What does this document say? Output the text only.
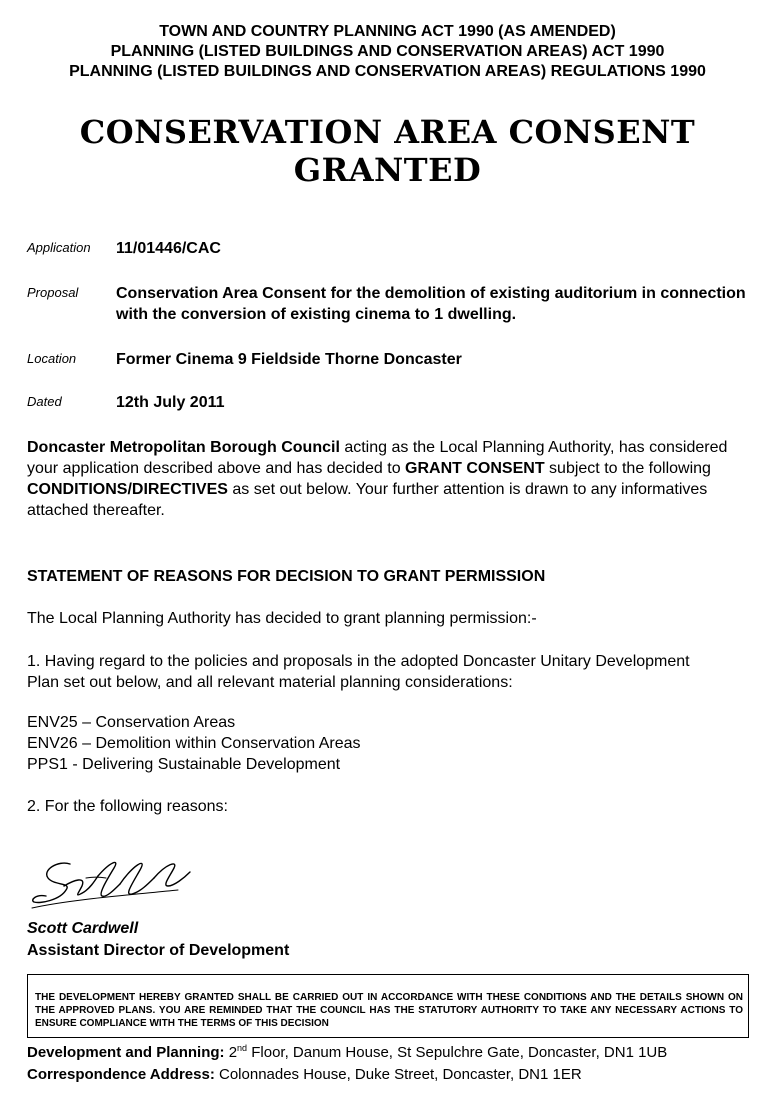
TOWN AND COUNTRY PLANNING ACT 1990 (AS AMENDED)
PLANNING (LISTED BUILDINGS AND CONSERVATION AREAS) ACT 1990
PLANNING (LISTED BUILDINGS AND CONSERVATION AREAS) REGULATIONS 1990
CONSERVATION AREA CONSENT
GRANTED
Application 11/01446/CAC
Proposal Conservation Area Consent for the demolition of existing auditorium in connection with the conversion of existing cinema to 1 dwelling.
Location Former Cinema 9 Fieldside Thorne Doncaster
Dated	12th July 2011
Doncaster Metropolitan Borough Council acting as the Local Planning Authority, has considered your application described above and has decided to GRANT CONSENT subject to the following CONDITIONS/DIRECTIVES as set out below. Your further attention is drawn to any informatives attached thereafter.
STATEMENT OF REASONS FOR DECISION TO GRANT PERMISSION
The Local Planning Authority has decided to grant planning permission:-
1. Having regard to the policies and proposals in the adopted Doncaster Unitary Development Plan set out below, and all relevant material planning considerations:
ENV25 – Conservation Areas
ENV26 – Demolition within Conservation Areas
PPS1 - Delivering Sustainable Development
2. For the following reasons:
Scott Cardwell
Assistant Director of Development
THE DEVELOPMENT HEREBY GRANTED SHALL BE CARRIED OUT IN ACCORDANCE WITH THESE CONDITIONS AND THE DETAILS SHOWN ON THE APPROVED PLANS. YOU ARE REMINDED THAT THE COUNCIL HAS THE STATUTORY AUTHORITY TO TAKE ANY NECESSARY ACTIONS TO ENSURE COMPLIANCE WITH THE TERMS OF THIS DECISION
Development and Planning: 2nd Floor, Danum House, St Sepulchre Gate, Doncaster, DN1 1UB
Correspondence Address: Colonnades House, Duke Street, Doncaster, DN1 1ER
